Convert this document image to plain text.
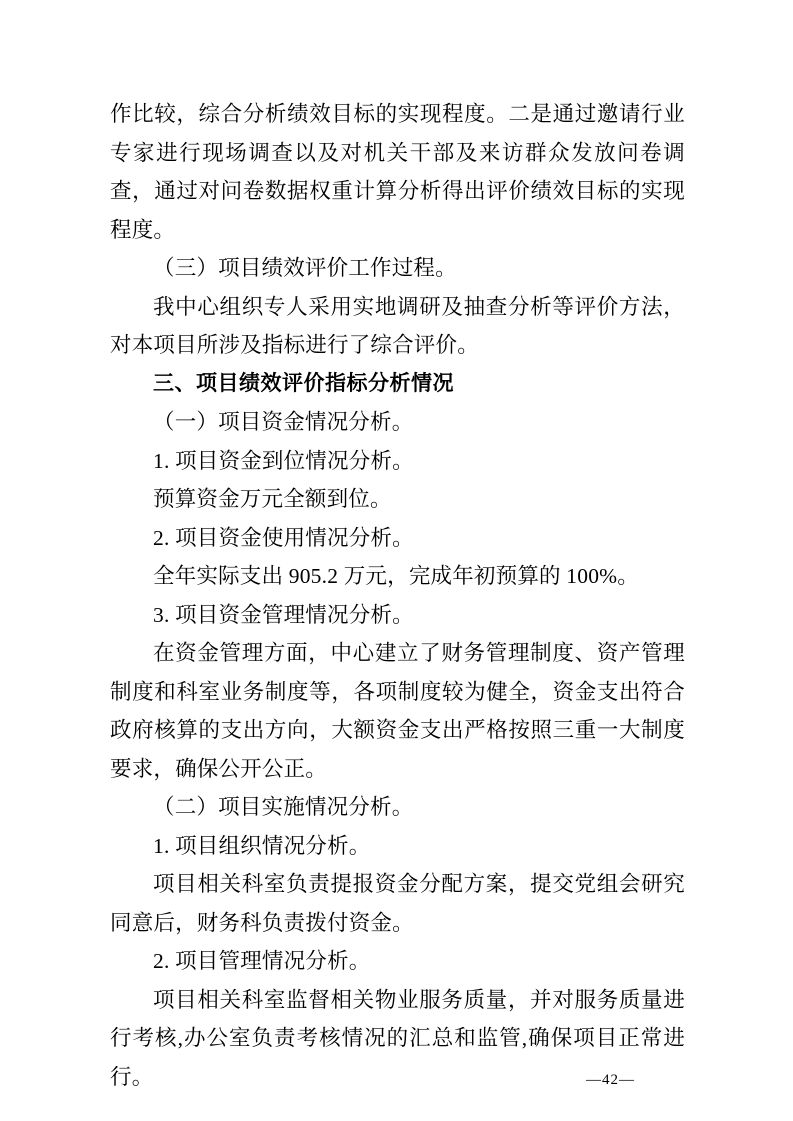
作比较，综合分析绩效目标的实现程度。二是通过邀请行业专家进行现场调查以及对机关干部及来访群众发放问卷调查，通过对问卷数据权重计算分析得出评价绩效目标的实现程度。

（三）项目绩效评价工作过程。

我中心组织专人采用实地调研及抽查分析等评价方法，对本项目所涉及指标进行了综合评价。

三、项目绩效评价指标分析情况

（一）项目资金情况分析。

1. 项目资金到位情况分析。

预算资金万元全额到位。

2. 项目资金使用情况分析。

全年实际支出 905.2 万元，完成年初预算的 100%。

3. 项目资金管理情况分析。

在资金管理方面，中心建立了财务管理制度、资产管理制度和科室业务制度等，各项制度较为健全，资金支出符合政府核算的支出方向，大额资金支出严格按照三重一大制度要求，确保公开公正。

（二）项目实施情况分析。

1. 项目组织情况分析。

项目相关科室负责提报资金分配方案，提交党组会研究同意后，财务科负责拨付资金。

2. 项目管理情况分析。

项目相关科室监督相关物业服务质量，并对服务质量进行考核,办公室负责考核情况的汇总和监管,确保项目正常进行。	—42—
